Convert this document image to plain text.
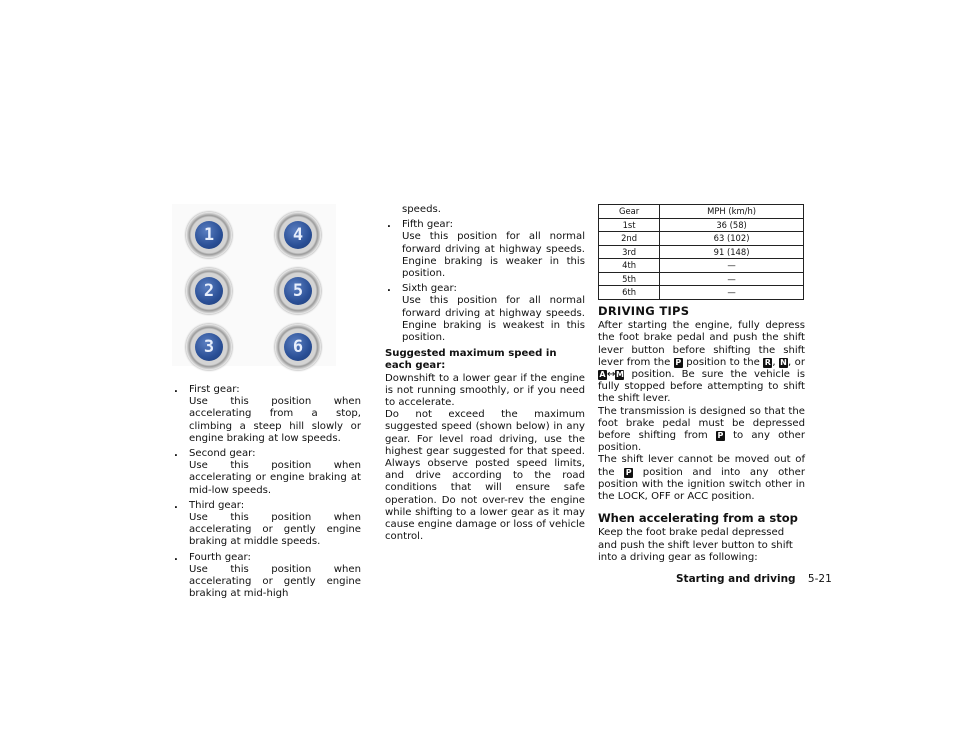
1	4
2	5
3	6
. First gear:
Use this position when accelerating from a stop, climbing a steep hill slowly or engine braking at low speeds.
. Second gear:
Use this position when accelerating or engine braking at mid-low speeds.
. Third gear:
Use this position when accelerating or gently engine braking at middle speeds.
. Fourth gear:
Use this position when accelerating or gently engine braking at mid-high

speeds.

. Fifth gear:
Use this position for all normal forward driving at highway speeds. Engine braking is weaker in this position.
. Sixth gear:
Use this position for all normal forward driving at highway speeds. Engine braking is weakest in this position.

Suggested maximum speed in each gear:

Downshift to a lower gear if the engine is not running smoothly, or if you need to accelerate.

Do not exceed the maximum suggested speed (shown below) in any gear. For level road driving, use the highest gear suggested for that speed. Always observe posted speed limits, and drive according to the road conditions that will ensure safe operation. Do not over-rev the engine while shifting to a lower gear as it may cause engine damage or loss of vehicle control.

Gear	MPH (km/h)
1st	36 (58)
2nd	63 (102)
3rd	91 (148)
4th	—
5th	—
6th	—
DRIVING TIPS

After starting the engine, fully depress the foot brake pedal and push the shift lever button before shifting the shift lever from the P position to the R, N, or A↔M position. Be sure the vehicle is fully stopped before attempting to shift the shift lever.

The transmission is designed so that the foot brake pedal must be depressed before shifting from P to any other position.

The shift lever cannot be moved out of the P position and into any other position with the ignition switch other in the LOCK, OFF or ACC position.

When accelerating from a stop

Keep the foot brake pedal depressed and push the shift lever button to shift into a driving gear as following:

Starting and driving 5-21
